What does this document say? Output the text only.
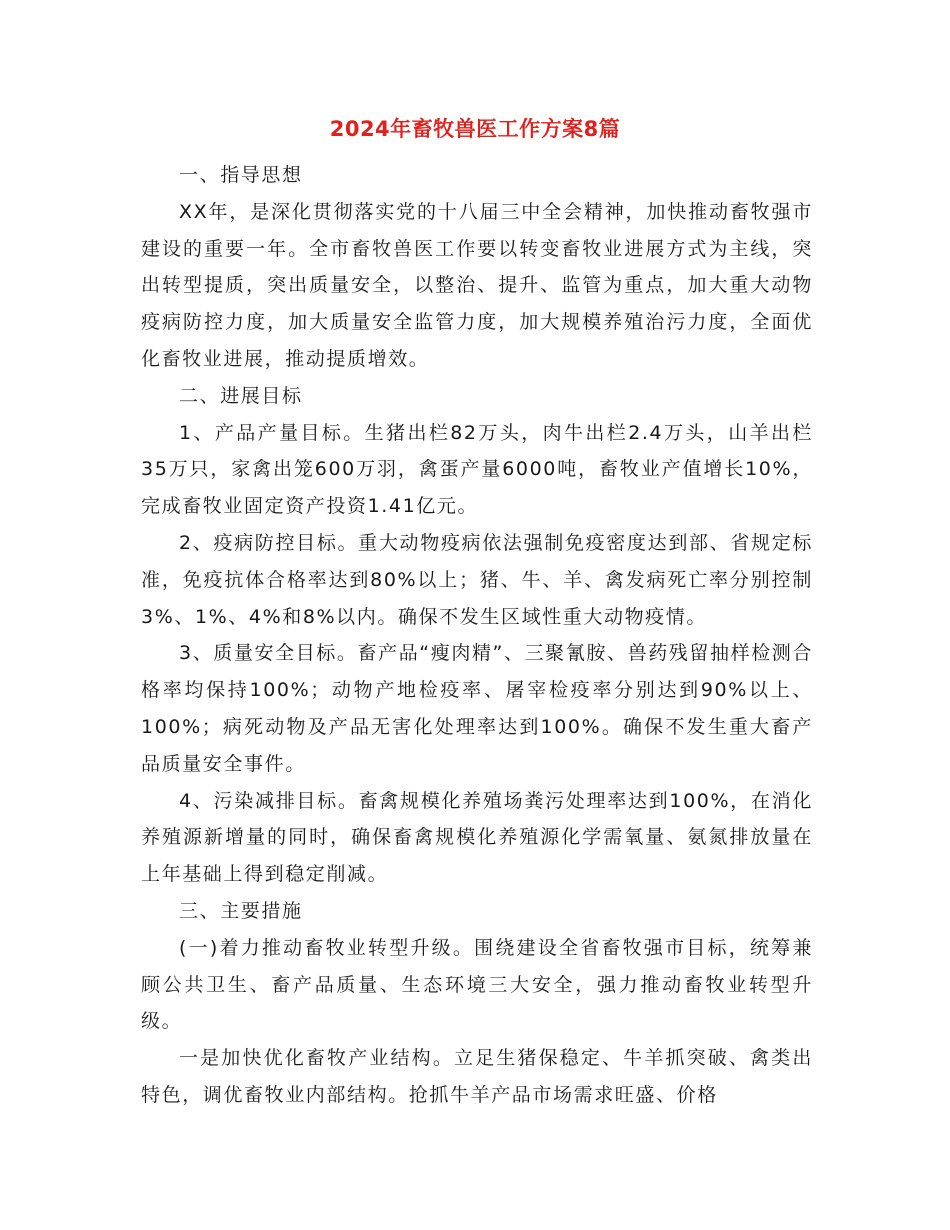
2024年畜牧兽医工作方案8篇

一、指导思想

XX年，是深化贯彻落实党的十八届三中全会精神，加快推动畜牧强市建设的重要一年。全市畜牧兽医工作要以转变畜牧业进展方式为主线，突出转型提质，突出质量安全，以整治、提升、监管为重点，加大重大动物疫病防控力度，加大质量安全监管力度，加大规模养殖治污力度，全面优化畜牧业进展，推动提质增效。

二、进展目标

1、产品产量目标。生猪出栏82万头，肉牛出栏2.4万头，山羊出栏35万只，家禽出笼600万羽，禽蛋产量6000吨，畜牧业产值增长10%，完成畜牧业固定资产投资1.41亿元。

2、疫病防控目标。重大动物疫病依法强制免疫密度达到部、省规定标准，免疫抗体合格率达到80%以上；猪、牛、羊、禽发病死亡率分别控制3%、1%、4%和8%以内。确保不发生区域性重大动物疫情。

3、质量安全目标。畜产品“瘦肉精”、三聚氰胺、兽药残留抽样检测合格率均保持100%；动物产地检疫率、屠宰检疫率分别达到90%以上、100%；病死动物及产品无害化处理率达到100%。确保不发生重大畜产品质量安全事件。

4、污染减排目标。畜禽规模化养殖场粪污处理率达到100%，在消化养殖源新增量的同时，确保畜禽规模化养殖源化学需氧量、氨氮排放量在上年基础上得到稳定削减。

三、主要措施

(一)着力推动畜牧业转型升级。围绕建设全省畜牧强市目标，统筹兼顾公共卫生、畜产品质量、生态环境三大安全，强力推动畜牧业转型升级。

一是加快优化畜牧产业结构。立足生猪保稳定、牛羊抓突破、禽类出特色，调优畜牧业内部结构。抢抓牛羊产品市场需求旺盛、价格
